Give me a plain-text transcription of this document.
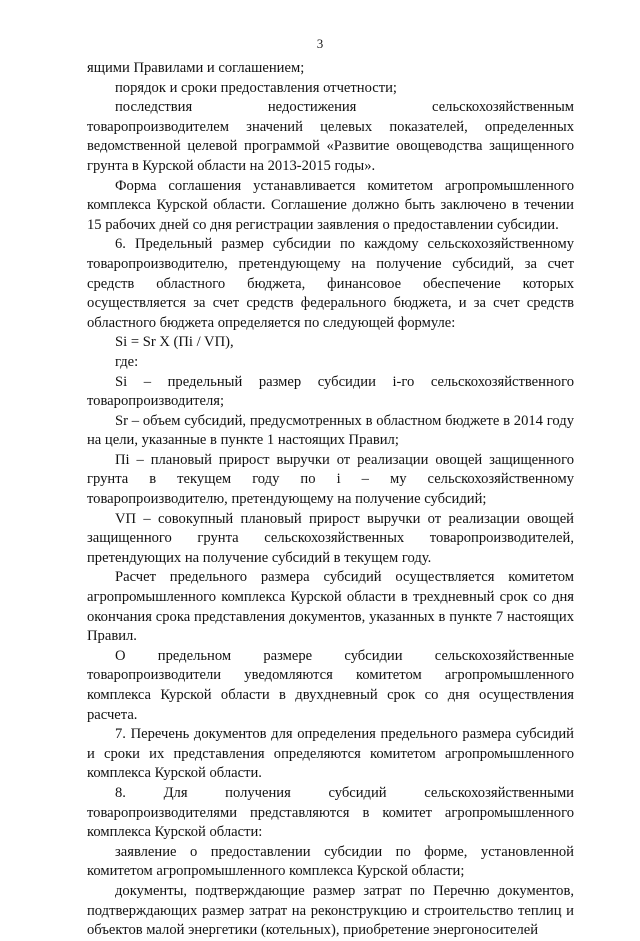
3

ящими Правилами и соглашением;

порядок и сроки предоставления отчетности;

последствия недостижения сельскохозяйственным товаропроизводителем значений целевых показателей, определенных ведомственной целевой программой «Развитие овощеводства защищенного грунта в Курской области на 2013-2015 годы».

Форма соглашения устанавливается комитетом агропромышленного комплекса Курской области. Соглашение должно быть заключено в течении 15 рабочих дней со дня регистрации заявления о предоставлении субсидии.

6. Предельный размер субсидии по каждому сельскохозяйственному товаропроизводителю, претендующему на получение субсидий, за счет средств областного бюджета, финансовое обеспечение которых осуществляется за счет средств федерального бюджета, и за счет средств областного бюджета определяется по следующей формуле:

Si = Sr X (Пi / VП),

где:

Si – предельный размер субсидии i-го сельскохозяйственного товаропроизводителя;

Sr – объем субсидий, предусмотренных в областном бюджете в 2014 году на цели, указанные в пункте 1 настоящих Правил;

Пi – плановый прирост выручки от реализации овощей защищенного грунта в текущем году по i – му сельскохозяйственному товаропроизводителю, претендующему на получение субсидий;

VП – совокупный плановый прирост выручки от реализации овощей защищенного грунта сельскохозяйственных товаропроизводителей, претендующих на получение субсидий в текущем году.

Расчет предельного размера субсидий осуществляется комитетом агропромышленного комплекса Курской области в трехдневный срок со дня окончания срока представления документов, указанных в пункте 7 настоящих Правил.

О предельном размере субсидии сельскохозяйственные товаропроизводители уведомляются комитетом агропромышленного комплекса Курской области в двухдневный срок со дня осуществления расчета.

7. Перечень документов для определения предельного размера субсидий и сроки их представления определяются комитетом агропромышленного комплекса Курской области.

8. Для получения субсидий сельскохозяйственными товаропроизводителями представляются в комитет агропромышленного комплекса Курской области:

заявление о предоставлении субсидии по форме, установленной комитетом агропромышленного комплекса Курской области;

документы, подтверждающие размер затрат по Перечню документов, подтверждающих размер затрат на реконструкцию и строительство теплиц и объектов малой энергетики (котельных), приобретение энергоносителей
